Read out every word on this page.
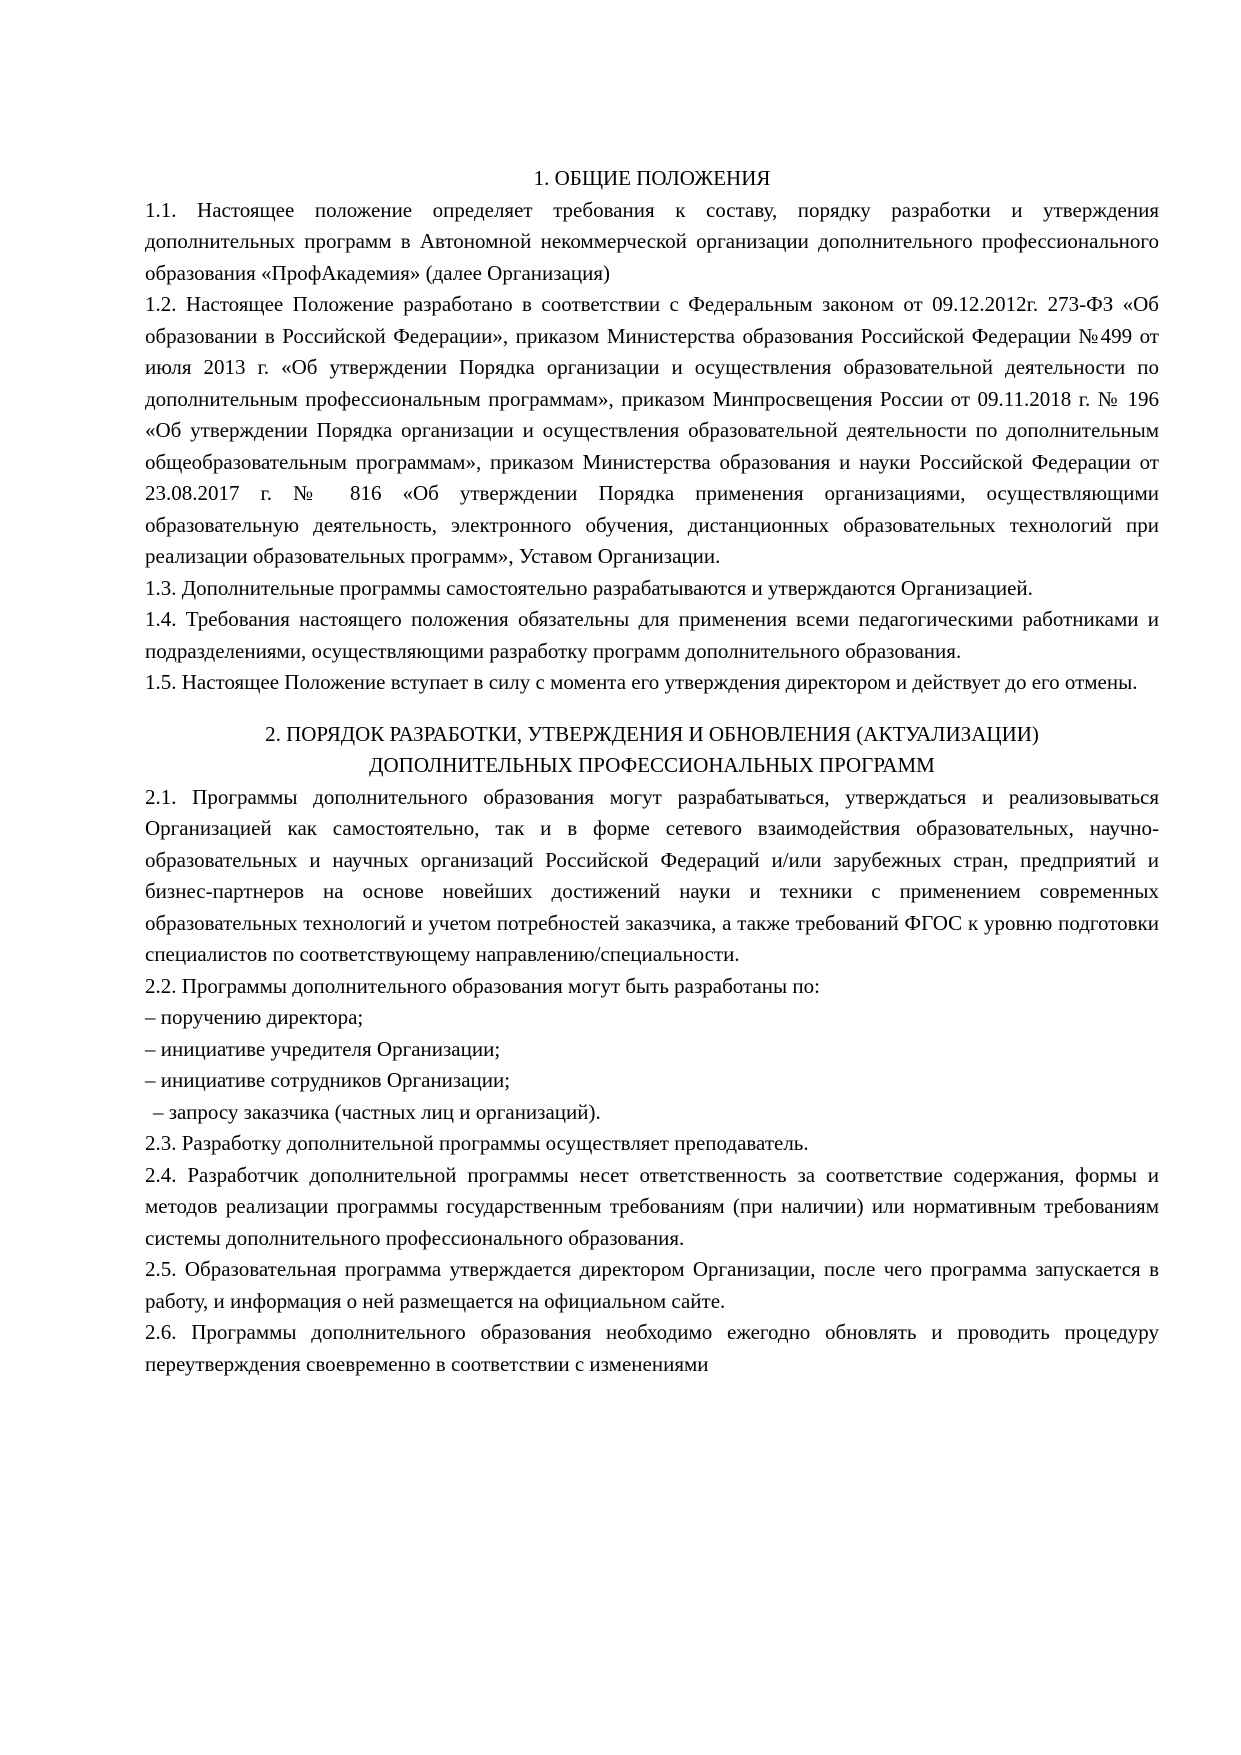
1. ОБЩИЕ ПОЛОЖЕНИЯ

1.1. Настоящее положение определяет требования к составу, порядку разработки и утверждения дополнительных программ в Автономной некоммерческой организации дополнительного профессионального образования «ПрофАкадемия» (далее Организация)

1.2. Настоящее Положение разработано в соответствии с Федеральным законом от 09.12.2012г. 273-ФЗ «Об образовании в Российской Федерации», приказом Министерства образования Российской Федерации №499 от июля 2013 г. «Об утверждении Порядка организации и осуществления образовательной деятельности по дополнительным профессиональным программам», приказом Минпросвещения России от 09.11.2018 г. № 196 «Об утверждении Порядка организации и осуществления образовательной деятельности по дополнительным общеобразовательным программам», приказом Министерства образования и науки Российской Федерации от 23.08.2017 г. № 816 «Об утверждении Порядка применения организациями, осуществляющими образовательную деятельность, электронного обучения, дистанционных образовательных технологий при реализации образовательных программ», Уставом Организации.

1.3. Дополнительные программы самостоятельно разрабатываются и утверждаются Организацией.

1.4. Требования настоящего положения обязательны для применения всеми педагогическими работниками и подразделениями, осуществляющими разработку программ дополнительного образования.

1.5. Настоящее Положение вступает в силу с момента его утверждения директором и действует до его отмены.

2. ПОРЯДОК РАЗРАБОТКИ, УТВЕРЖДЕНИЯ И ОБНОВЛЕНИЯ (АКТУАЛИЗАЦИИ)
ДОПОЛНИТЕЛЬНЫХ ПРОФЕССИОНАЛЬНЫХ ПРОГРАММ

2.1. Программы дополнительного образования могут разрабатываться, утверждаться и реализовываться Организацией как самостоятельно, так и в форме сетевого взаимодействия образовательных, научно-образовательных и научных организаций Российской Федераций и/или зарубежных стран, предприятий и бизнес-партнеров на основе новейших достижений науки и техники с применением современных образовательных технологий и учетом потребностей заказчика, а также требований ФГОС к уровню подготовки специалистов по соответствующему направлению/специальности.

2.2. Программы дополнительного образования могут быть разработаны по:

– поручению директора;

– инициативе учредителя Организации;

– инициативе сотрудников Организации;

– запросу заказчика (частных лиц и организаций).

2.3. Разработку дополнительной программы осуществляет преподаватель.

2.4. Разработчик дополнительной программы несет ответственность за соответствие содержания, формы и методов реализации программы государственным требованиям (при наличии) или нормативным требованиям системы дополнительного профессионального образования.

2.5. Образовательная программа утверждается директором Организации, после чего программа запускается в работу, и информация о ней размещается на официальном сайте.

2.6. Программы дополнительного образования необходимо ежегодно обновлять и проводить процедуру переутверждения своевременно в соответствии с изменениями
